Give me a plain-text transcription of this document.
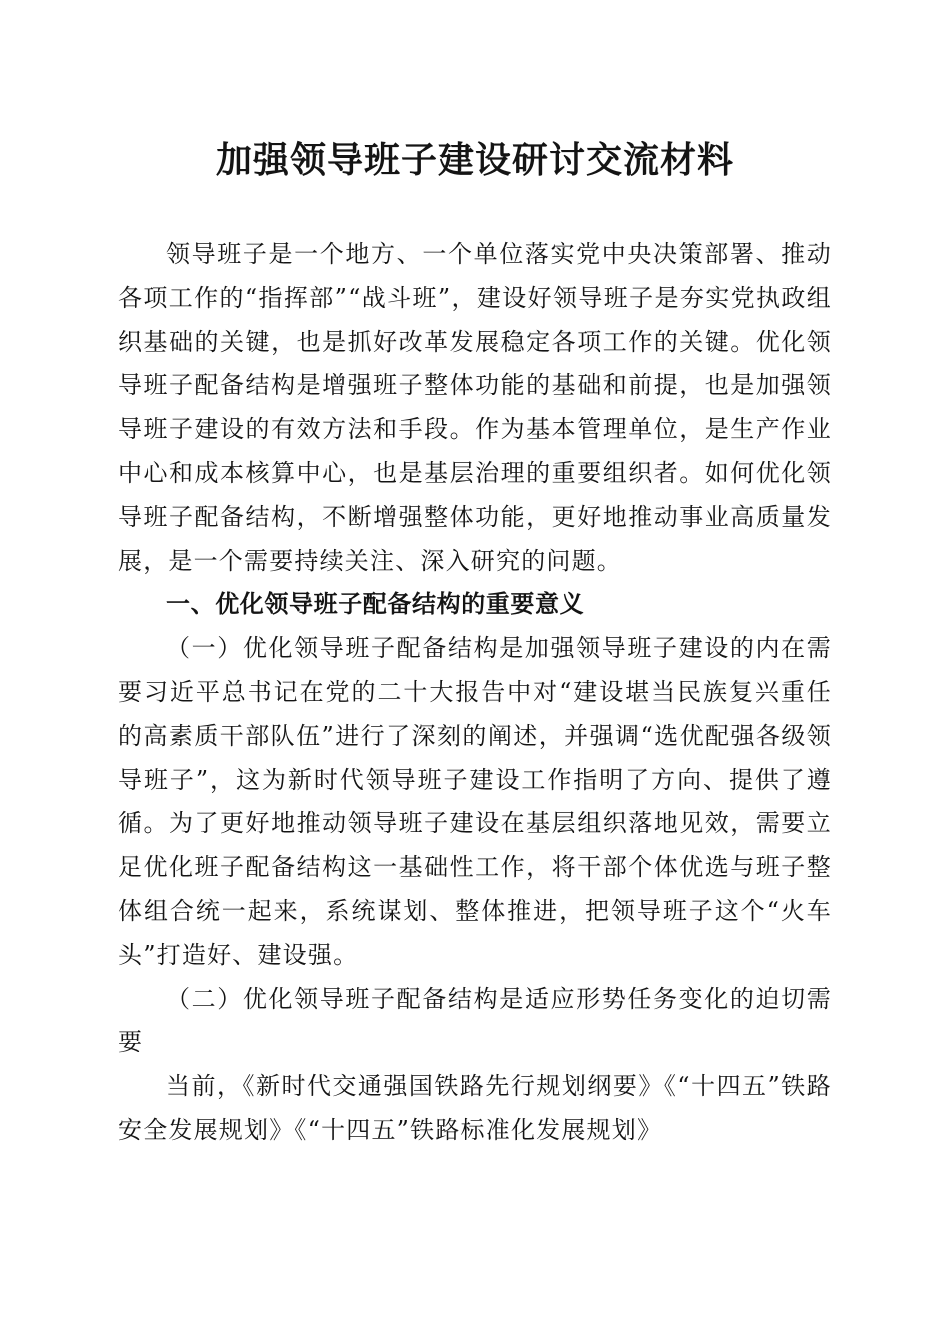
加强领导班子建设研讨交流材料

领导班子是一个地方、一个单位落实党中央决策部署、推动各项工作的“指挥部”“战斗班”，建设好领导班子是夯实党执政组织基础的关键，也是抓好改革发展稳定各项工作的关键。优化领导班子配备结构是增强班子整体功能的基础和前提，也是加强领导班子建设的有效方法和手段。作为基本管理单位，是生产作业中心和成本核算中心，也是基层治理的重要组织者。如何优化领导班子配备结构，不断增强整体功能，更好地推动事业高质量发展，是一个需要持续关注、深入研究的问题。

一、优化领导班子配备结构的重要意义

（一）优化领导班子配备结构是加强领导班子建设的内在需要习近平总书记在党的二十大报告中对“建设堪当民族复兴重任的高素质干部队伍”进行了深刻的阐述，并强调“选优配强各级领导班子”，这为新时代领导班子建设工作指明了方向、提供了遵循。为了更好地推动领导班子建设在基层组织落地见效，需要立足优化班子配备结构这一基础性工作，将干部个体优选与班子整体组合统一起来，系统谋划、整体推进，把领导班子这个“火车头”打造好、建设强。

（二）优化领导班子配备结构是适应形势任务变化的迫切需要

当前，《新时代交通强国铁路先行规划纲要》《“十四五”铁路安全发展规划》《“十四五”铁路标准化发展规划》
